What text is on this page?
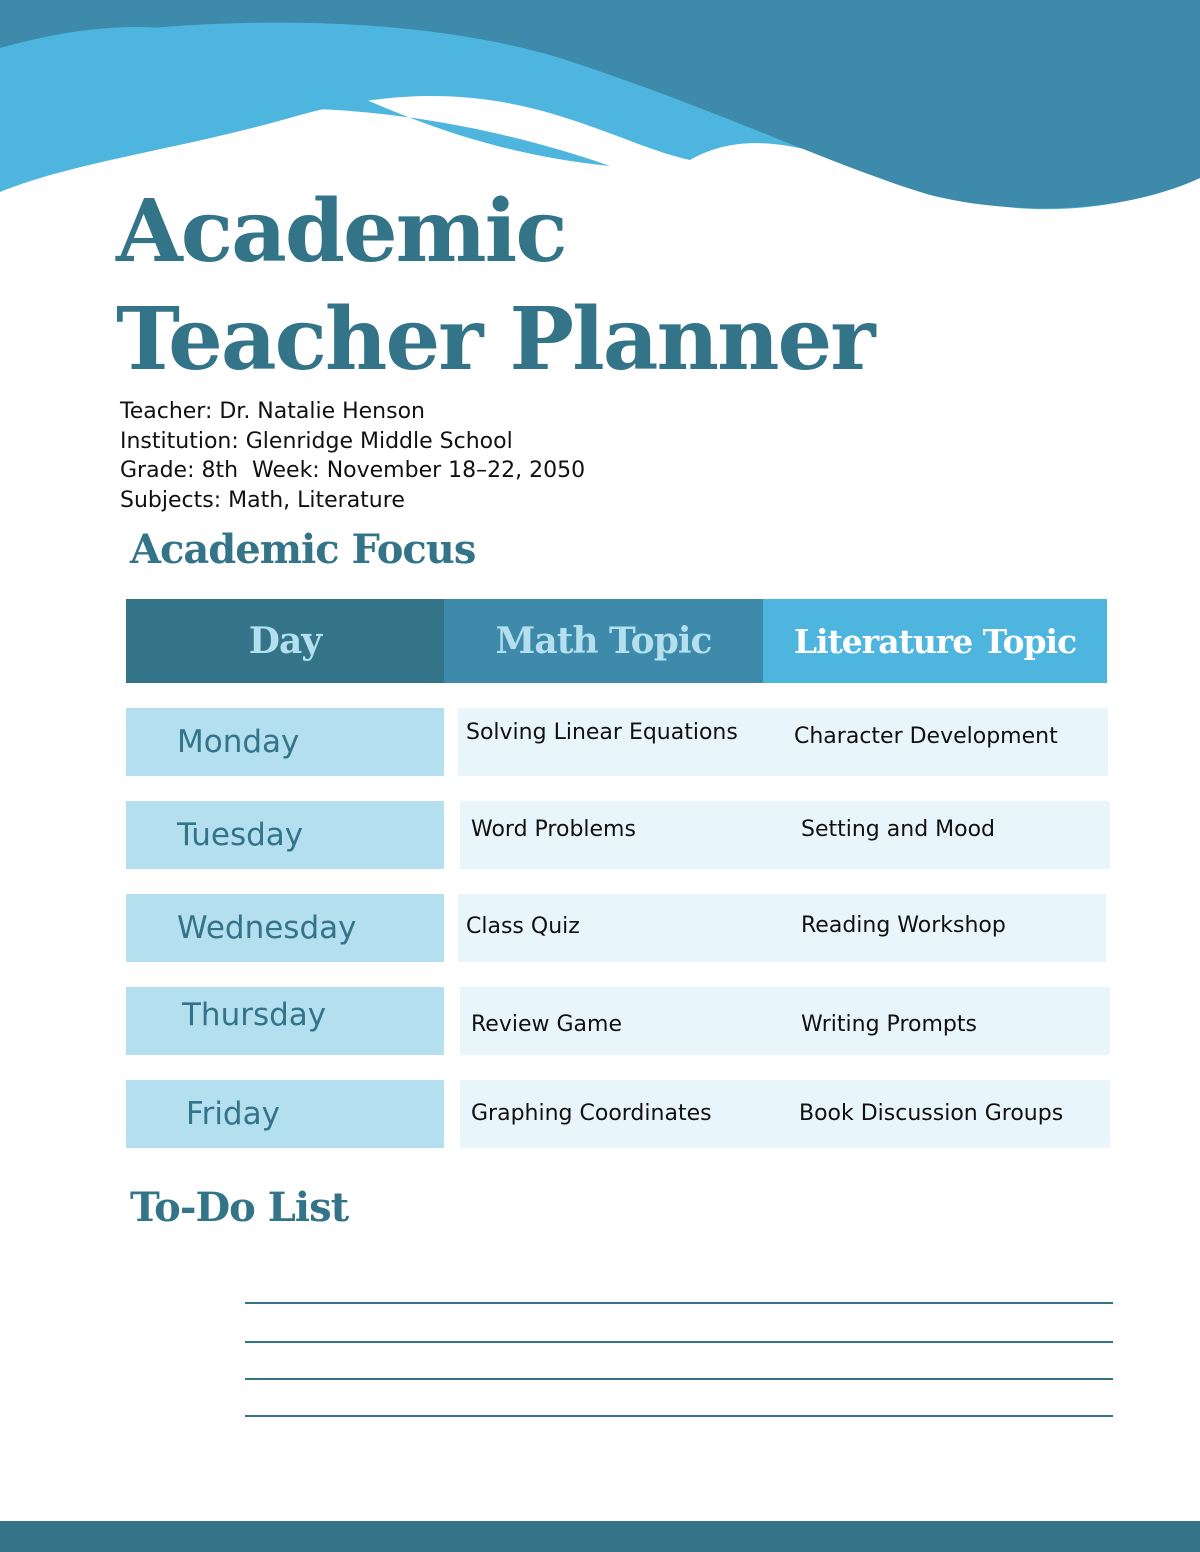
Academic
Teacher Planner
Teacher: Dr. Natalie Henson
Institution: Glenridge Middle School
Grade: 8th  Week: November 18–22, 2050
Subjects: Math, Literature
Academic Focus
Day	Math Topic	Literature Topic
Monday	Solving Linear Equations	Character Development
Tuesday	Word Problems	Setting and Mood
Wednesday	Class Quiz	Reading Workshop
Thursday	Review Game	Writing Prompts
Friday	Graphing Coordinates	Book Discussion Groups
To-Do List
